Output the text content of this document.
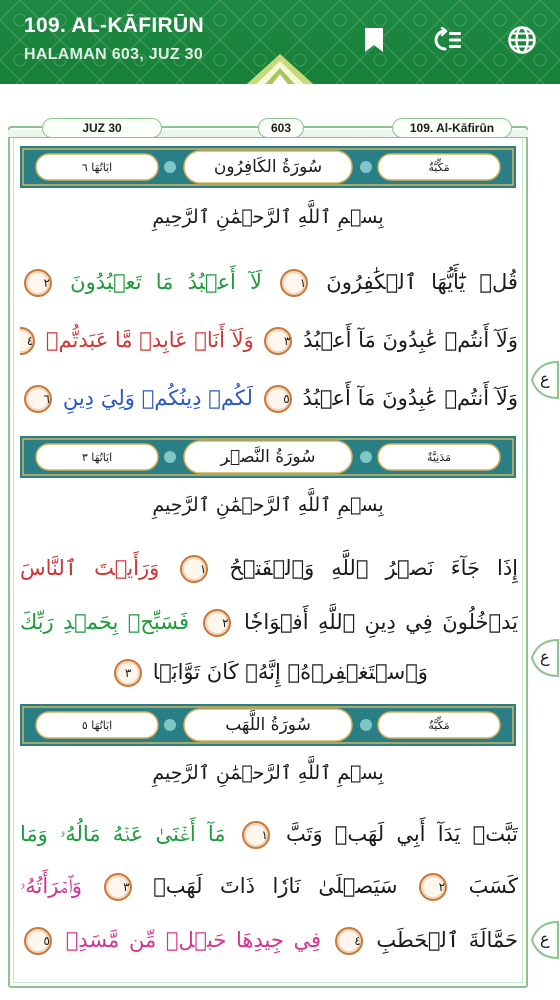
109. AL-KĀFIRŪN
HALAMAN 603, JUZ 30
JUZ 30	603	109. Al-Kāfirūn
سُورَةُ الكَافِرُون
ايَاتُهَا ٦	مَكِّيَّةٌ
بِسۡمِ ٱللَّهِ ٱلرَّحۡمَٰنِ ٱلرَّحِيمِ
قُلۡ يَٰٓأَيُّهَا ٱلۡكَٰفِرُونَ ١ لَآ أَعۡبُدُ مَا تَعۡبُدُونَ ٢
وَلَآ أَنتُمۡ عَٰبِدُونَ مَآ أَعۡبُدُ ٣ وَلَآ أَنَا۠ عَابِدٞ مَّا عَبَدتُّمۡ ٤
وَلَآ أَنتُمۡ عَٰبِدُونَ مَآ أَعۡبُدُ ٥ لَكُمۡ دِينُكُمۡ وَلِيَ دِينِ ٦
سُورَةُ النَّصۡر
ايَاتُهَا ٣	مَدَنِيَّةٌ
بِسۡمِ ٱللَّهِ ٱلرَّحۡمَٰنِ ٱلرَّحِيمِ
إِذَا جَآءَ نَصۡرُ ٱللَّهِ وَٱلۡفَتۡحُ ١ وَرَأَيۡتَ ٱلنَّاسَ
يَدۡخُلُونَ فِي دِينِ ٱللَّهِ أَفۡوَاجٗا ٢ فَسَبِّحۡ بِحَمۡدِ رَبِّكَ
وَٱسۡتَغۡفِرۡهُۚ إِنَّهُۥ كَانَ تَوَّابَۢا ٣
سُورَةُ اللَّهَب
ايَاتُهَا ٥	مَكِّيَّةٌ
بِسۡمِ ٱللَّهِ ٱلرَّحۡمَٰنِ ٱلرَّحِيمِ
تَبَّتۡ يَدَآ أَبِي لَهَبٖ وَتَبَّ ١ مَآ أَغۡنَىٰ عَنۡهُ مَالُهُۥ وَمَا
كَسَبَ ٢ سَيَصۡلَىٰ نَارٗا ذَاتَ لَهَبٖ ٣ وَٱمۡرَأَتُهُۥ
حَمَّالَةَ ٱلۡحَطَبِ ٤ فِي جِيدِهَا حَبۡلٞ مِّن مَّسَدِۭ ٥
ع
ع
ع
